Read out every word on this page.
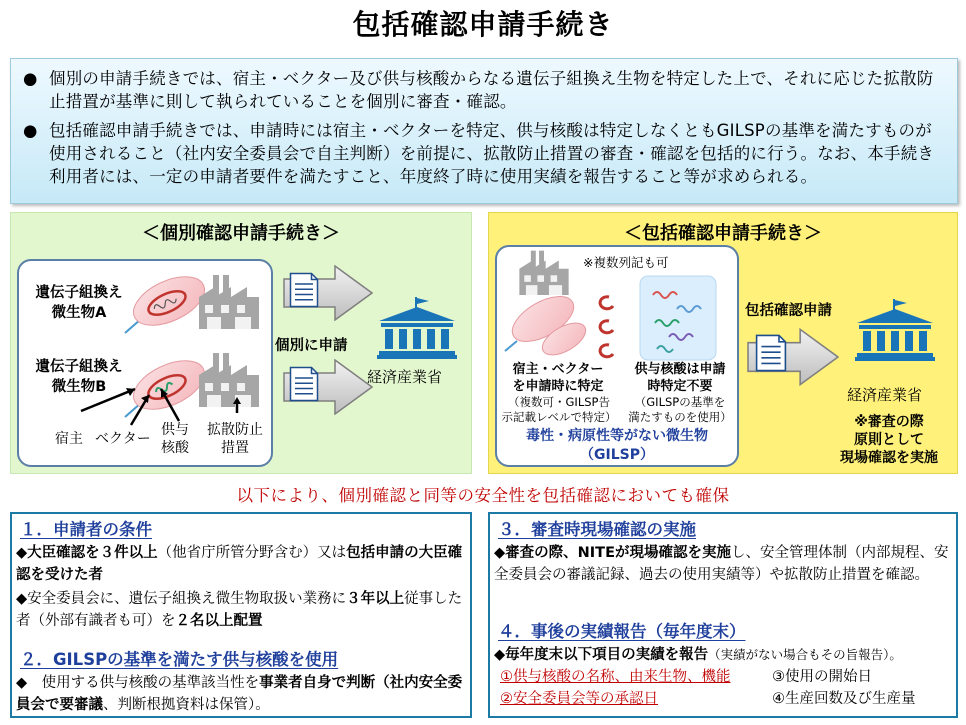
包括確認申請手続き

● 個別の申請手続きでは、宿主・ベクター及び供与核酸からなる遺伝子組換え生物を特定した上で、それに応じた拡散防止措置が基準に則して執られていることを個別に審査・確認。

● 包括確認申請手続きでは、申請時には宿主・ベクターを特定、供与核酸は特定しなくともGILSPの基準を満たすものが使用されること（社内安全委員会で自主判断）を前提に、拡散防止措置の審査・確認を包括的に行う。なお、本手続き利用者には、一定の申請者要件を満たすこと、年度終了時に使用実績を報告すること等が求められる。

＜個別確認申請手続き＞
遺伝子組換え
微生物A
遺伝子組換え
微生物B
宿主 ベクター
供与
核酸
拡散防止
措置
個別に申請
経済産業省
＜包括確認申請手続き＞
※複数列記も可
宿主・ベクター
を申請時に特定
（複数可・GILSP告
示記載レベルで特定）
供与核酸は申請
時特定不要
（GILSPの基準を
満たすものを使用）
毒性・病原性等がない微生物
（GILSP）
包括確認申請
経済産業省
※審査の際
原則として
現場確認を実施
以下により、個別確認と同等の安全性を包括確認においても確保
１．申請者の条件
◆大臣確認を３件以上（他省庁所管分野含む）又は包括申請の大臣確認を受けた者
◆安全委員会に、遺伝子組換え微生物取扱い業務に３年以上従事した者（外部有識者も可）を２名以上配置
２．GILSPの基準を満たす供与核酸を使用
◆　使用する供与核酸の基準該当性を事業者自身で判断（社内安全委員会で要審議、判断根拠資料は保管）。
３．審査時現場確認の実施
◆審査の際、NITEが現場確認を実施し、安全管理体制（内部規程、安全委員会の審議記録、過去の使用実績等）や拡散防止措置を確認。
４．事後の実績報告（毎年度末）
◆毎年度末以下項目の実績を報告（実績がない場合もその旨報告）。
①供与核酸の名称、由来生物、機能	③使用の開始日
②安全委員会等の承認日	④生産回数及び生産量
